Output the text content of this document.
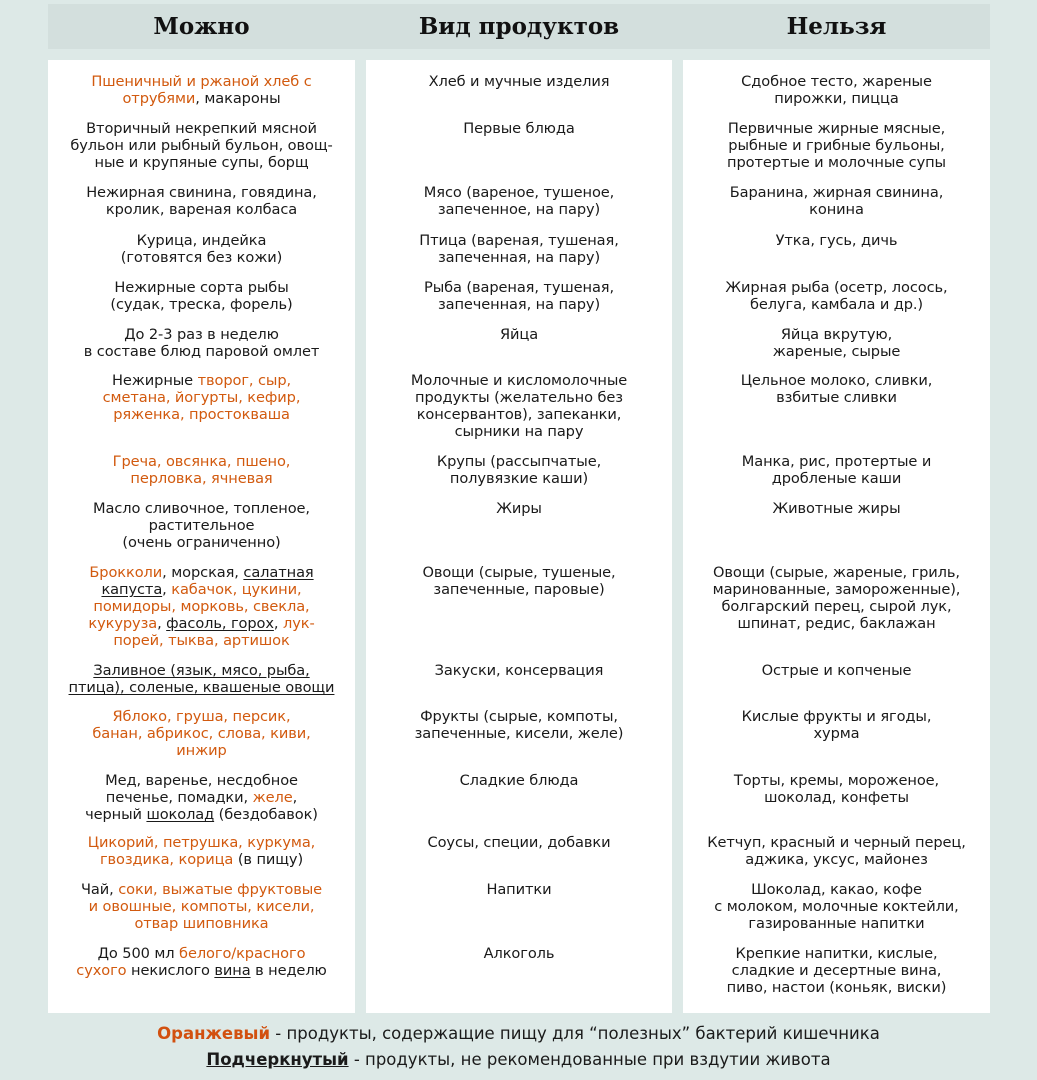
Можно	Вид продуктов	Нельзя
Пшеничный и ржаной хлеб с
отрубями, макароны
Вторичный некрепкий мясной
бульон или рыбный бульон, овощ-
ные и крупяные супы, борщ
Нежирная свинина, говядина,
кролик, вареная колбаса
Курица, индейка
(готовятся без кожи)
Нежирные сорта рыбы
(судак, треска, форель)
До 2-3 раз в неделю
в составе блюд паровой омлет
Нежирные творог, сыр,
сметана, йогурты, кефир,
ряженка, простокваша
Греча, овсянка, пшено,
перловка, ячневая
Масло сливочное, топленое,
растительное
(очень ограниченно)
Брокколи, морская, салатная
капуста, кабачок, цукини,
помидоры, морковь, свекла,
кукуруза, фасоль, горох, лук-
порей, тыква, артишок
Заливное (язык, мясо, рыба,
птица), соленые, квашеные овощи
Яблоко, груша, персик,
банан, абрикос, слова, киви,
инжир
Мед, варенье, несдобное
печенье, помадки, желе,
черный шоколад (бездобавок)
Цикорий, петрушка, куркума,
гвоздика, корица (в пищу)
Чай, соки, выжатые фруктовые
и овошные, компоты, кисели,
отвар шиповника
До 500 мл белого/красного
сухого некислого вина в неделю
Хлеб и мучные изделия
Первые блюда
Мясо (вареное, тушеное,
запеченное, на пару)
Птица (вареная, тушеная,
запеченная, на пару)
Рыба (вареная, тушеная,
запеченная, на пару)
Яйца
Молочные и кисломолочные
продукты (желательно без
консервантов), запеканки,
сырники на пару
Крупы (рассыпчатые,
полувязкие каши)
Жиры
Овощи (сырые, тушеные,
запеченные, паровые)
Закуски, консервация
Фрукты (сырые, компоты,
запеченные, кисели, желе)
Сладкие блюда
Соусы, специи, добавки
Напитки
Алкоголь
Сдобное тесто, жареные
пирожки, пицца
Первичные жирные мясные,
рыбные и грибные бульоны,
протертые и молочные супы
Баранина, жирная свинина,
конина
Утка, гусь, дичь
Жирная рыба (осетр, лосось,
белуга, камбала и др.)
Яйца вкрутую,
жареные, сырые
Цельное молоко, сливки,
взбитые сливки
Манка, рис, протертые и
дробленые каши
Животные жиры
Овощи (сырые, жареные, гриль,
маринованные, замороженные),
болгарский перец, сырой лук,
шпинат, редис, баклажан
Острые и копченые
Кислые фрукты и ягоды,
хурма
Торты, кремы, мороженое,
шоколад, конфеты
Кетчуп, красный и черный перец,
аджика, уксус, майонез
Шоколад, какао, кофе
с молоком, молочные коктейли,
газированные напитки
Крепкие напитки, кислые,
сладкие и десертные вина,
пиво, настои (коньяк, виски)
Оранжевый - продукты, содержащие пищу для “полезных” бактерий кишечника
Подчеркнутый - продукты, не рекомендованные при вздутии живота
